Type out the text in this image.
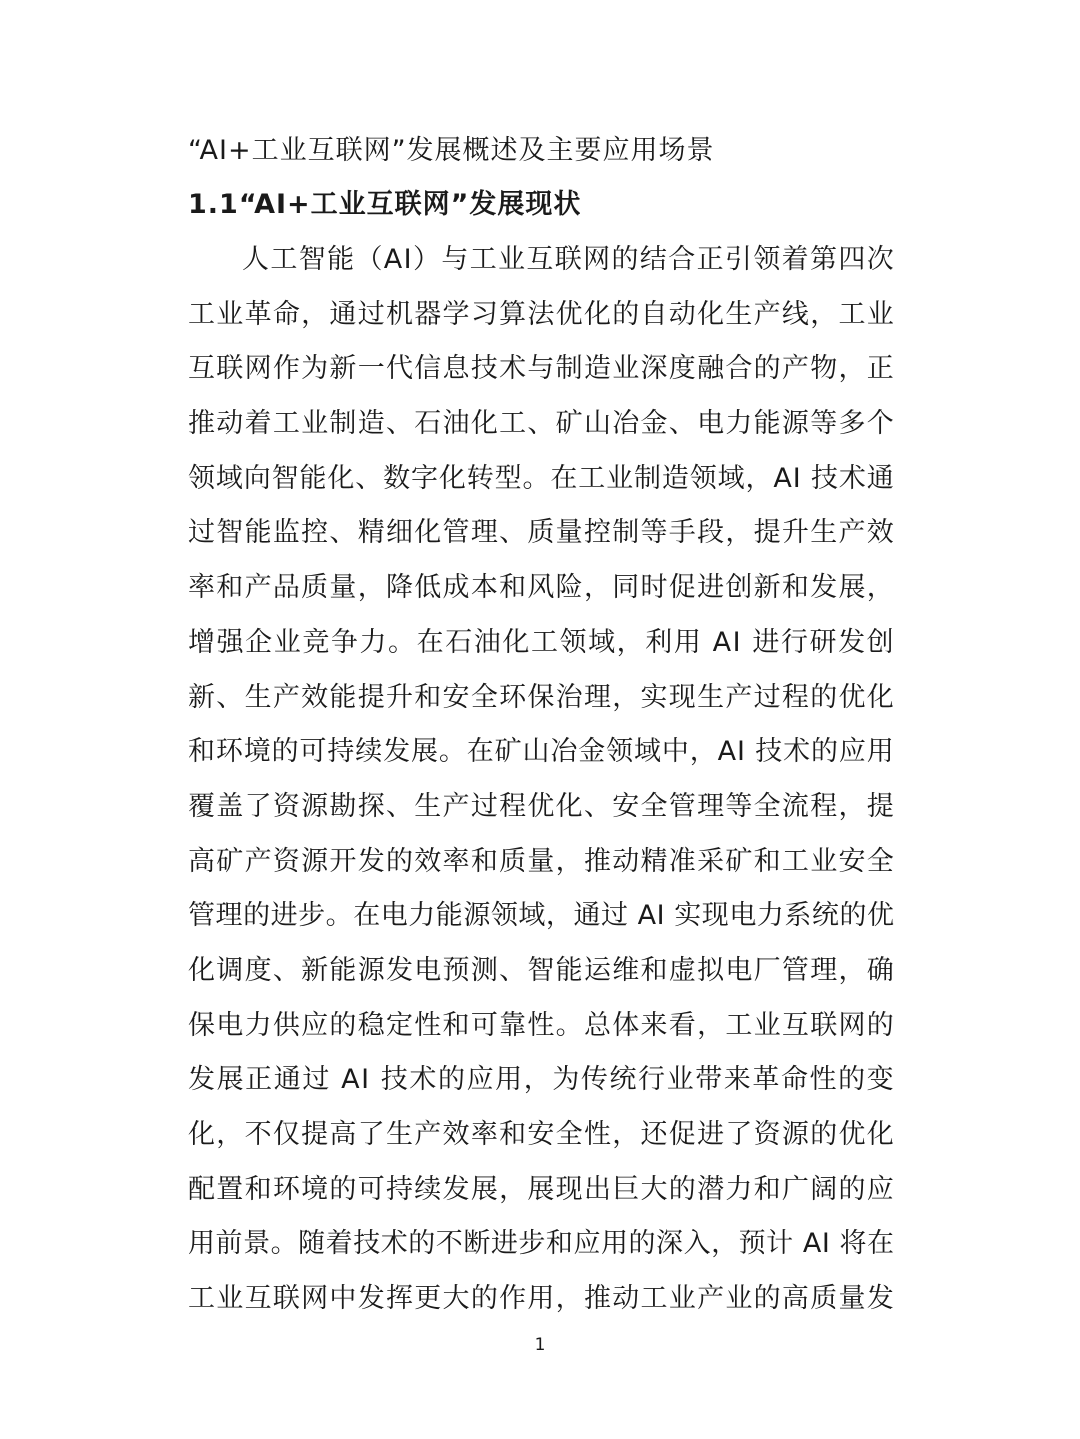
“AI+工业互联网”发展概述及主要应用场景
1.1“AI+工业互联网”发展现状
人 工 智 能 （ A I ） 与 工 业 互 联 网 的 结 合 正 引 领 着 第 四 次
工 业 革 命 ， 通 过 机 器 学 习 算 法 优 化 的 自 动 化 生 产 线 ， 工 业
互 联 网 作 为 新 一 代 信 息 技 术 与 制 造 业 深 度 融 合 的 产 物 ， 正
推 动 着 工 业 制 造 、 石 油 化 工 、 矿 山 冶 金 、 电 力 能 源 等 多 个
领 域 向 智 能 化 、 数 字 化 转 型 。 在 工 业 制 造 领 域 ， A I
技 术 通
过 智 能 监 控 、 精 细 化 管 理 、 质 量 控 制 等 手 段 ， 提 升 生 产 效
率 和 产 品 质 量 ， 降 低 成 本 和 风 险 ， 同 时 促 进 创 新 和 发 展 ，
增 强 企 业 竞 争 力 。 在 石 油 化 工 领 域 ， 利 用
A I
进 行 研 发 创
新 、 生 产 效 能 提 升 和 安 全 环 保 治 理 ， 实 现 生 产 过 程 的 优 化
和 环 境 的 可 持 续 发 展 。 在 矿 山 冶 金 领 域 中 ， A I
技 术 的 应 用
覆 盖 了 资 源 勘 探 、 生 产 过 程 优 化 、 安 全 管 理 等 全 流 程 ， 提
高 矿 产 资 源 开 发 的 效 率 和 质 量 ， 推 动 精 准 采 矿 和 工 业 安 全
管 理 的 进 步 。 在 电 力 能 源 领 域 ， 通 过
A I
实 现 电 力 系 统 的 优
化 调 度 、 新 能 源 发 电 预 测 、 智 能 运 维 和 虚 拟 电 厂 管 理 ， 确
保 电 力 供 应 的 稳 定 性 和 可 靠 性 。 总 体 来 看 ， 工 业 互 联 网 的
发 展 正 通 过
A I
技 术 的 应 用 ， 为 传 统 行 业 带 来 革 命 性 的 变
化 ， 不 仅 提 高 了 生 产 效 率 和 安 全 性 ， 还 促 进 了 资 源 的 优 化
配 置 和 环 境 的 可 持 续 发 展 ， 展 现 出 巨 大 的 潜 力 和 广 阔 的 应
用 前 景 。 随 着 技 术 的 不 断 进 步 和 应 用 的 深 入 ， 预 计
A I
将 在
工 业 互 联 网 中 发 挥 更 大 的 作 用 ， 推 动 工 业 产 业 的 高 质 量 发
1
